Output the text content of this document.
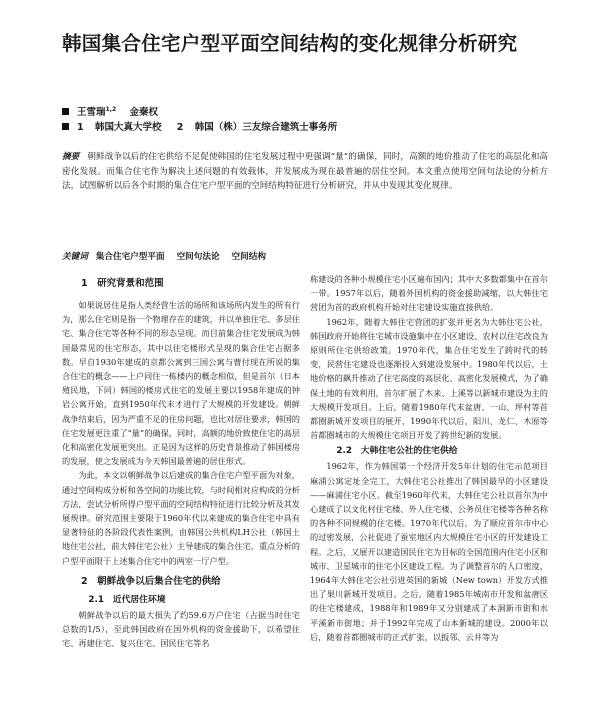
韩国集合住宅户型平面空间结构的变化规律分析研究
王雪瑞$^{1,2}$ 金秦权
1 韩国大真大学校 2 韩国（株）三友综合建筑士事务所

摘要 朝鲜战争以后的住宅供给不足促使韩国的住宅发展过程中更强调“量”的确保，同时，高额的地价推动了住宅的高层化和高密化发展。而集合住宅作为解决上述问题的有效载体，并发展成为现在最普遍的居住空间。本文重点使用空间句法论的分析方法，试图解析以后各个时期的集合住宅户型平面的空间结构特征进行分析研究，并从中发现其变化规律。

关键词 集合住宅户型平面 空间句法论 空间结构

1　研究背景和范围

如果说居住是指人类经营生活的场所和该场所内发生的所有行为，那么住宅则是指一个物理存在的建筑，并以单独住宅、多层住宅、集合住宅等各种不同的形态呈现。而目前集合住宅发展成为韩国最常见的住宅形态，其中以住宅楼形式呈现的集合住宅占据多数。早自1930年建成的京都公寓到三国公寓与曹付现在所说的集合住宅的概念——上户同住一栋楼内的概念相似，但是首尔（日本殖民地，下同）韩国的楼房式住宅的发展主要以1958年建成的钟岩公寓开始，直到1950年代末才进行了大规模的开发建设。朝鲜战争结束后，因为严重不足的住房问题，也比对居住要求，韩国的住宅发展更注重了“量”的确保，同时，高额的地价致使住宅的高层化和高密化发展更突出。正是因为这样的历史背景推动了韩国楼房的发展，使之发展成为今天韩国最普遍的居住形式。

为此，本文以朝鲜战争以后建成的集合住宅户型平面为对象，通过空间构成分析和各空间的功能比较，与时间相对应构成的分析方法，尝试分析所得户型平面的空间结构特征进行比较分析及其发展规律。研究范围主要限于1960年代以来建成的集合住宅中具有显著特征的各阶段代表性案例，由韩国公共机构LH公社（韩国土地住宅公社，前大韩住宅公社）主导建成的集合住宅，重点分析的户型平面限于上述集合住宅中的两室一厅户型。

2　朝鲜战争以后集合住宅的供给

2.1　近代居住环境

朝鲜战争以后的最大损失了约59.6万户住宅（占据当时住宅总数的1/5），至此韩国政府在国外机构的资金援助下，以希望住宅、再建住宅、复兴住宅、国民住宅等名

称建设的各种小规模住宅小区遍布国内；其中大多数都集中在首尔一带。1957年以后，随着外国机构的资金援助减缩，以大韩住宅营团为首的政府机构开始对住宅建设实施直接供给。

1962年，随着大韩住宅营团的扩张并更名为大韩住宅公社，韩国政府开始将住宅城市设施集中在小区建设、农村以住宅改良为原则所住宅供给政策。1970年代，集合住宅发生了跨时代的转变，民营住宅建设也逐渐投入到建设发展中。1980年代以后，土地价格的飙升推动了住宅高度的高层化、高密化发展模式，为了确保土地的有效利用，首尔扩展了木来、上溪等以新城市建设为主的大规模开发项目。上后，随着1980年代末盆唐、一山、坪村等首都圈新城开发项目的展开，1990年代以后，阳川、龙仁、木原等首都圈城市的大规模住宅项目开发了跨世纪新的发展。

2.2　大韩住宅公社的住宅供给

1962年，作为韩国第一个经济开发5年计划的住宅示范项目麻浦公寓定址全完工，大韩住宅公社推出了韩国最早的小区建设——麻浦住宅小区。截至1960年代末，大韩住宅公社以首尔为中心建成了以文化村住宅楼、外人住宅楼、公务员住宅楼等各种名称的各种不同规模的住宅楼。1970年代以后，为了顺应首尔市中心的过密发展，公社促进了蚕室地区内大规模住宅小区的开发建设工程。之后，又展开以建造国民住宅为目标的全国范围内住宅小区和城市、卫星城市的住宅小区建设工程。为了调整首尔的人口密度，1964年大韩住宅公社引进英国的新城（New town）开发方式推出了果川新城开发项目。之后，随着1985年城南市开发和盆唐区的住宅楼建成，1988年和1989年又分别建成了本洞新市街和水平溪新市街地；并于1992年完成了山本新城的建设。2000年以后，随着首都圈城市的正式扩张，以扳邻、云井等为
